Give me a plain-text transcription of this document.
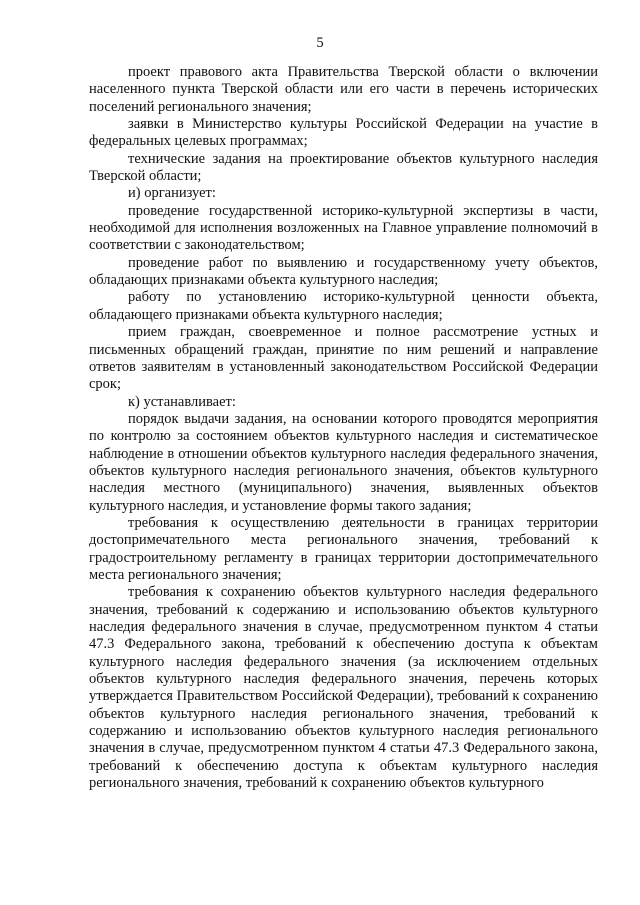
5

проект правового акта Правительства Тверской области о включении населенного пункта Тверской области или его части в перечень исторических поселений регионального значения;

заявки в Министерство культуры Российской Федерации на участие в федеральных целевых программах;

технические задания на проектирование объектов культурного наследия Тверской области;

и) организует:

проведение государственной историко-культурной экспертизы в части, необходимой для исполнения возложенных на Главное управление полномочий в соответствии с законодательством;

проведение работ по выявлению и государственному учету объектов, обладающих признаками объекта культурного наследия;

работу по установлению историко-культурной ценности объекта, обладающего признаками объекта культурного наследия;

прием граждан, своевременное и полное рассмотрение устных и письменных обращений граждан, принятие по ним решений и направление ответов заявителям в установленный законодательством Российской Федерации срок;

к) устанавливает:

порядок выдачи задания, на основании которого проводятся мероприятия по контролю за состоянием объектов культурного наследия и систематическое наблюдение в отношении объектов культурного наследия федерального значения, объектов культурного наследия регионального значения, объектов культурного наследия местного (муниципального) значения, выявленных объектов культурного наследия, и установление формы такого задания;

требования к осуществлению деятельности в границах территории достопримечательного места регионального значения, требований к градостроительному регламенту в границах территории достопримечательного места регионального значения;

требования к сохранению объектов культурного наследия федерального значения, требований к содержанию и использованию объектов культурного наследия федерального значения в случае, предусмотренном пунктом 4 статьи 47.3 Федерального закона, требований к обеспечению доступа к объектам культурного наследия федерального значения (за исключением отдельных объектов культурного наследия федерального значения, перечень которых утверждается Правительством Российской Федерации), требований к сохранению объектов культурного наследия регионального значения, требований к содержанию и использованию объектов культурного наследия регионального значения в случае, предусмотренном пунктом 4 статьи 47.3 Федерального закона, требований к обеспечению доступа к объектам культурного наследия регионального значения, требований к сохранению объектов культурного
